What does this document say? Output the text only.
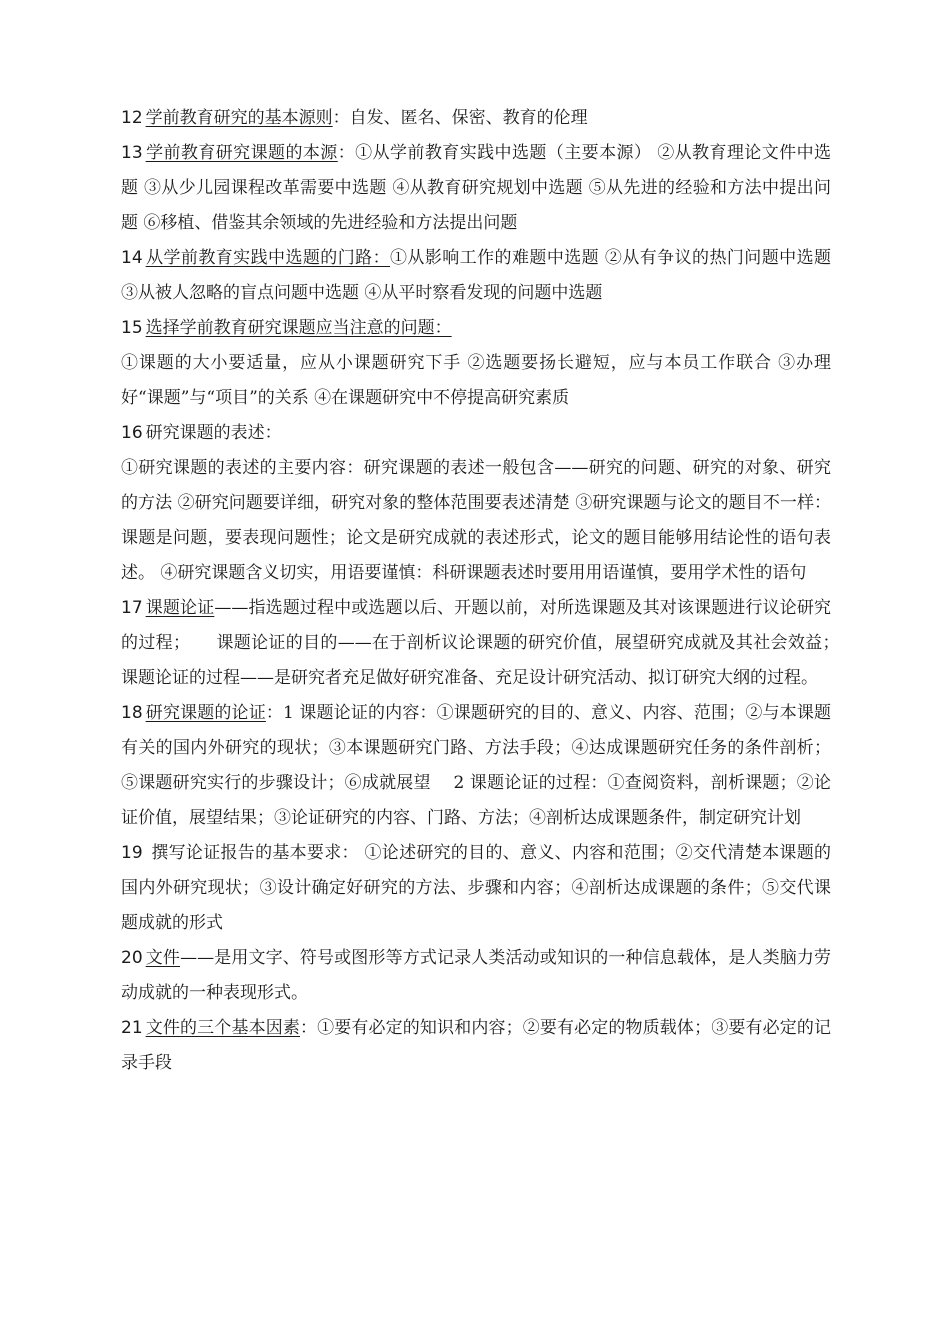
12 学前教育研究的基本源则：自发、匿名、保密、教育的伦理

13 学前教育研究课题的本源：①从学前教育实践中选题（主要本源） ②从教育理论文件中选题 ③从少儿园课程改革需要中选题 ④从教育研究规划中选题 ⑤从先进的经验和方法中提出问题 ⑥移植、借鉴其余领域的先进经验和方法提出问题

14 从学前教育实践中选题的门路：①从影响工作的难题中选题 ②从有争议的热门问题中选题 ③从被人忽略的盲点问题中选题 ④从平时察看发现的问题中选题

15 选择学前教育研究课题应当注意的问题：

①课题的大小要适量，应从小课题研究下手 ②选题要扬长避短，应与本员工作联合 ③办理好“课题”与“项目”的关系 ④在课题研究中不停提高研究素质

16 研究课题的表述：

①研究课题的表述的主要内容：研究课题的表述一般包含——研究的问题、研究的对象、研究的方法 ②研究问题要详细，研究对象的整体范围要表述清楚 ③研究课题与论文的题目不一样：课题是问题，要表现问题性；论文是研究成就的表述形式，论文的题目能够用结论性的语句表述。 ④研究课题含义切实，用语要谨慎：科研课题表述时要用用语谨慎，要用学术性的语句

17 课题论证——指选题过程中或选题以后、开题以前，对所选课题及其对该课题进行议论研究的过程；　　课题论证的目的——在于剖析议论课题的研究价值，展望研究成就及其社会效益；　　课题论证的过程——是研究者充足做好研究准备、充足设计研究活动、拟订研究大纲的过程。

18 研究课题的论证：1 课题论证的内容：①课题研究的目的、意义、内容、范围；②与本课题有关的国内外研究的现状；③本课题研究门路、方法手段；④达成课题研究任务的条件剖析；⑤课题研究实行的步骤设计；⑥成就展望　 2 课题论证的过程：①查阅资料，剖析课题；②论证价值，展望结果；③论证研究的内容、门路、方法；④剖析达成课题条件，制定研究计划

19 撰写论证报告的基本要求： ①论述研究的目的、意义、内容和范围；②交代清楚本课题的国内外研究现状；③设计确定好研究的方法、步骤和内容；④剖析达成课题的条件；⑤交代课题成就的形式

20 文件——是用文字、符号或图形等方式记录人类活动或知识的一种信息载体，是人类脑力劳动成就的一种表现形式。

21 文件的三个基本因素：①要有必定的知识和内容；②要有必定的物质载体；③要有必定的记录手段
